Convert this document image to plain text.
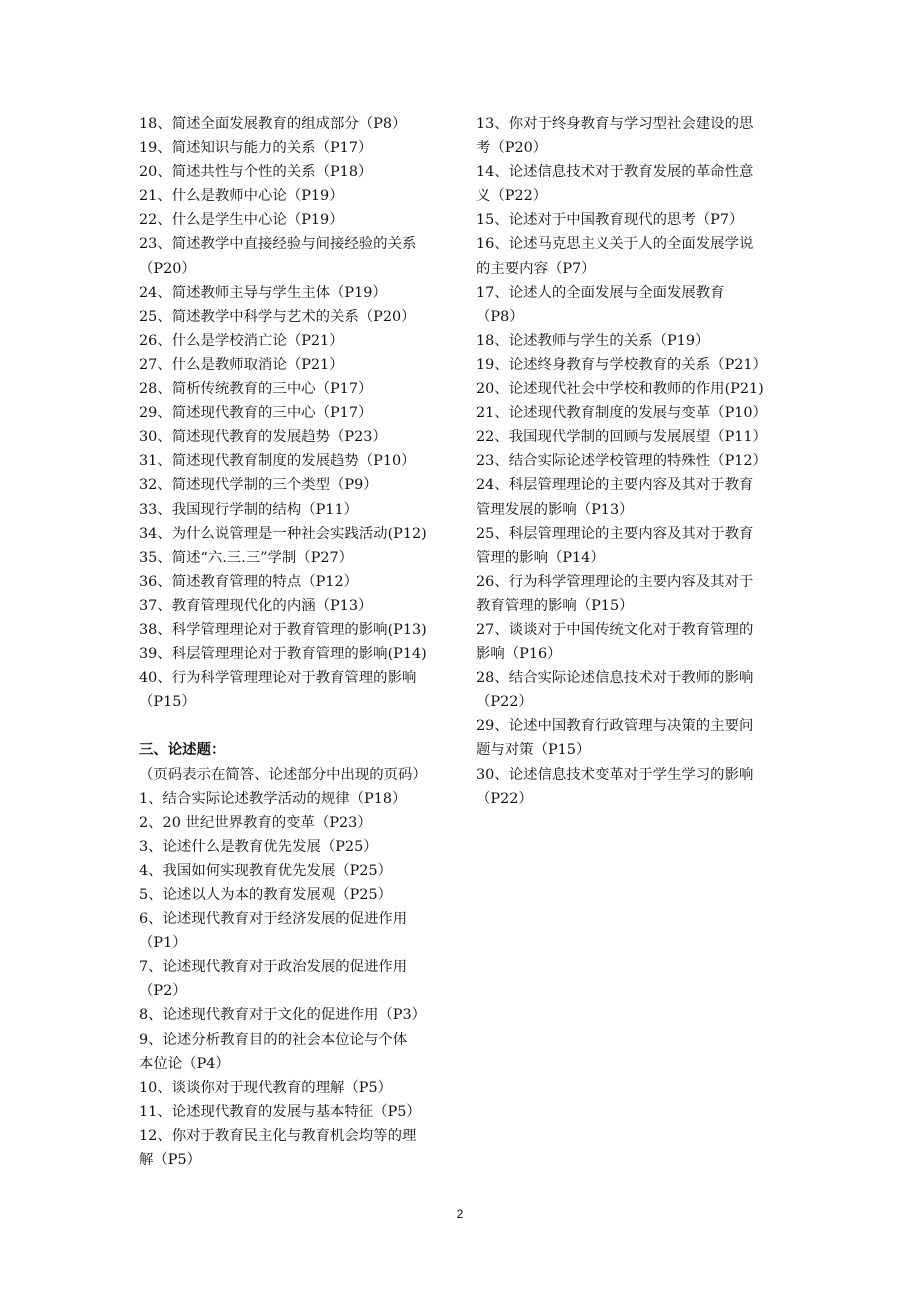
18、简述全面发展教育的组成部分（P8）
19、简述知识与能力的关系（P17）
20、简述共性与个性的关系（P18）
21、什么是教师中心论（P19）
22、什么是学生中心论（P19）
23、简述教学中直接经验与间接经验的关系
（P20）
24、简述教师主导与学生主体（P19）
25、简述教学中科学与艺术的关系（P20）
26、什么是学校消亡论（P21）
27、什么是教师取消论（P21）
28、简析传统教育的三中心（P17）
29、简述现代教育的三中心（P17）
30、简述现代教育的发展趋势（P23）
31、简述现代教育制度的发展趋势（P10）
32、简述现代学制的三个类型（P9）
33、我国现行学制的结构（P11）
34、为什么说管理是一种社会实践活动(P12)
35、简述“六.三.三”学制（P27）
36、简述教育管理的特点（P12）
37、教育管理现代化的内涵（P13）
38、科学管理理论对于教育管理的影响(P13)
39、科层管理理论对于教育管理的影响(P14)
40、行为科学管理理论对于教育管理的影响
（P15）
三、论述题：
（页码表示在简答、论述部分中出现的页码）
1、结合实际论述教学活动的规律（P18）
2、20 世纪世界教育的变革（P23）
3、论述什么是教育优先发展（P25）
4、我国如何实现教育优先发展（P25）
5、论述以人为本的教育发展观（P25）
6、论述现代教育对于经济发展的促进作用
（P1）
7、论述现代教育对于政治发展的促进作用
（P2）
8、论述现代教育对于文化的促进作用（P3）
9、论述分析教育目的的社会本位论与个体
本位论（P4）
10、谈谈你对于现代教育的理解（P5）
11、论述现代教育的发展与基本特征（P5）
12、你对于教育民主化与教育机会均等的理
解（P5）
13、你对于终身教育与学习型社会建设的思
考（P20）
14、论述信息技术对于教育发展的革命性意
义（P22）
15、论述对于中国教育现代的思考（P7）
16、论述马克思主义关于人的全面发展学说
的主要内容（P7）
17、论述人的全面发展与全面发展教育
（P8）
18、论述教师与学生的关系（P19）
19、论述终身教育与学校教育的关系（P21）
20、论述现代社会中学校和教师的作用(P21)
21、论述现代教育制度的发展与变革（P10）
22、我国现代学制的回顾与发展展望（P11）
23、结合实际论述学校管理的特殊性（P12）
24、科层管理理论的主要内容及其对于教育
管理发展的影响（P13）
25、科层管理理论的主要内容及其对于教育
管理的影响（P14）
26、行为科学管理理论的主要内容及其对于
教育管理的影响（P15）
27、谈谈对于中国传统文化对于教育管理的
影响（P16）
28、结合实际论述信息技术对于教师的影响
（P22）
29、论述中国教育行政管理与决策的主要问
题与对策（P15）
30、论述信息技术变革对于学生学习的影响
（P22）
2
